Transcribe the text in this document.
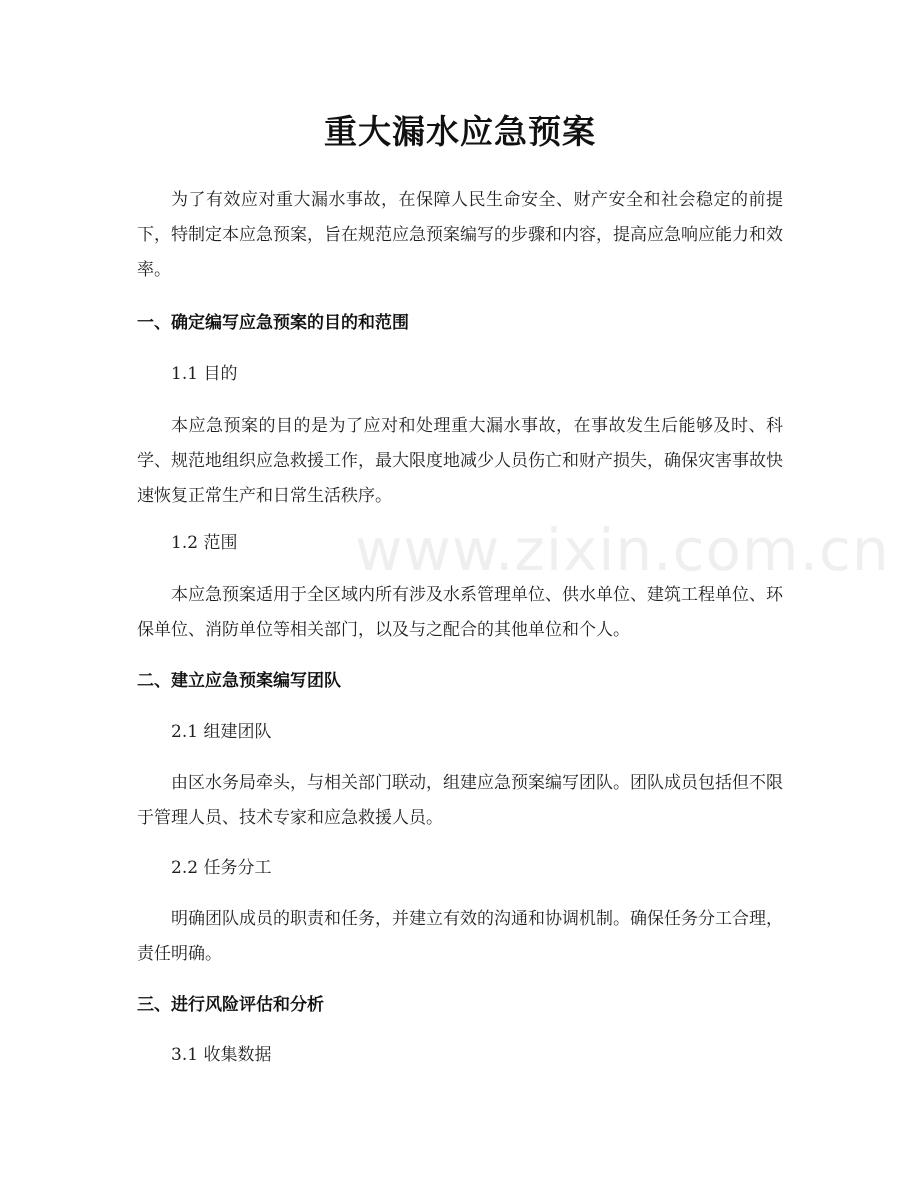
重大漏水应急预案
为了有效应对重大漏水事故，在保障人民生命安全、财产安全和社会稳定的前提下，特制定本应急预案，旨在规范应急预案编写的步骤和内容，提高应急响应能力和效率。
一、确定编写应急预案的目的和范围
1.1 目的
本应急预案的目的是为了应对和处理重大漏水事故，在事故发生后能够及时、科学、规范地组织应急救援工作，最大限度地减少人员伤亡和财产损失，确保灾害事故快速恢复正常生产和日常生活秩序。
1.2 范围
本应急预案适用于全区域内所有涉及水系管理单位、供水单位、建筑工程单位、环保单位、消防单位等相关部门，以及与之配合的其他单位和个人。
二、建立应急预案编写团队
2.1 组建团队
由区水务局牵头，与相关部门联动，组建应急预案编写团队。团队成员包括但不限于管理人员、技术专家和应急救援人员。
2.2 任务分工
明确团队成员的职责和任务，并建立有效的沟通和协调机制。确保任务分工合理，责任明确。
三、进行风险评估和分析
3.1 收集数据
www.zixin.com.cn
